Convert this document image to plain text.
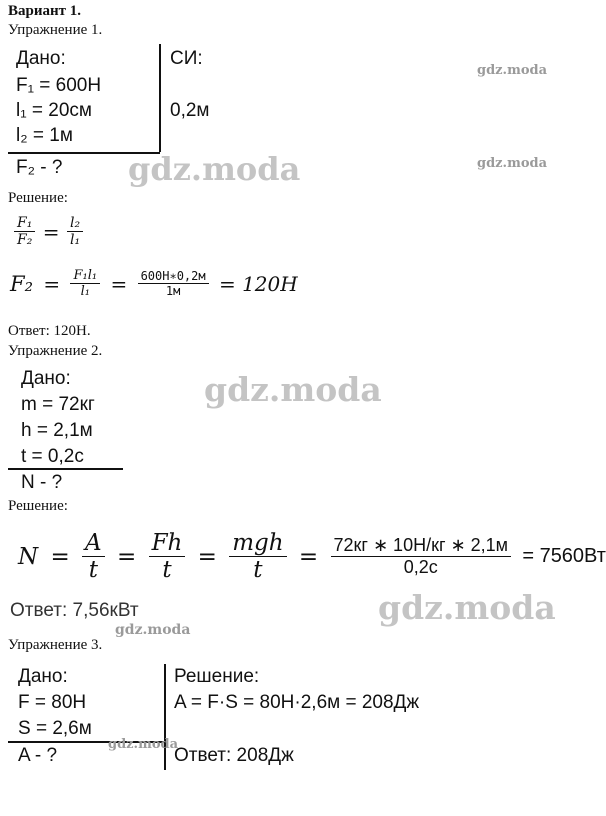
Вариант 1.
Упражнение 1.
Дано:
F₁ = 600Н
l₁ = 20см
l₂ = 1м
F₂ - ?
СИ:
0,2м
gdz.moda
gdz.moda
gdz.moda
Решение:
$\frac{\text{F₁}}{\text{F₂}} = \frac{\text{l₂}}{\text{l₁}}$
$F_2 = \frac{\text{F₁l₁}}{\text{l₁}} = \frac{600Н∗0,2м}{1м} = 120Н$
Ответ: 120Н.
Упражнение 2.
Дано:
m = 72кг
h = 2,1м
t = 0,2с
N - ?
gdz.moda
Решение:
$N = \frac{A}{t} = \frac{Fh}{t} = \frac{\text{mgh}}{t} = \frac{72кг ∗ 10Н/кг ∗ 2,1м}{0,2с} = 7560Вт$
Ответ: 7,56кВт	gdz.moda
gdz.moda
Упражнение 3.
Дано:
F = 80Н
S = 2,6м
A - ?
Решение:
A = F·S = 80Н·2,6м = 208Дж
Ответ: 208Дж
gdz.moda
